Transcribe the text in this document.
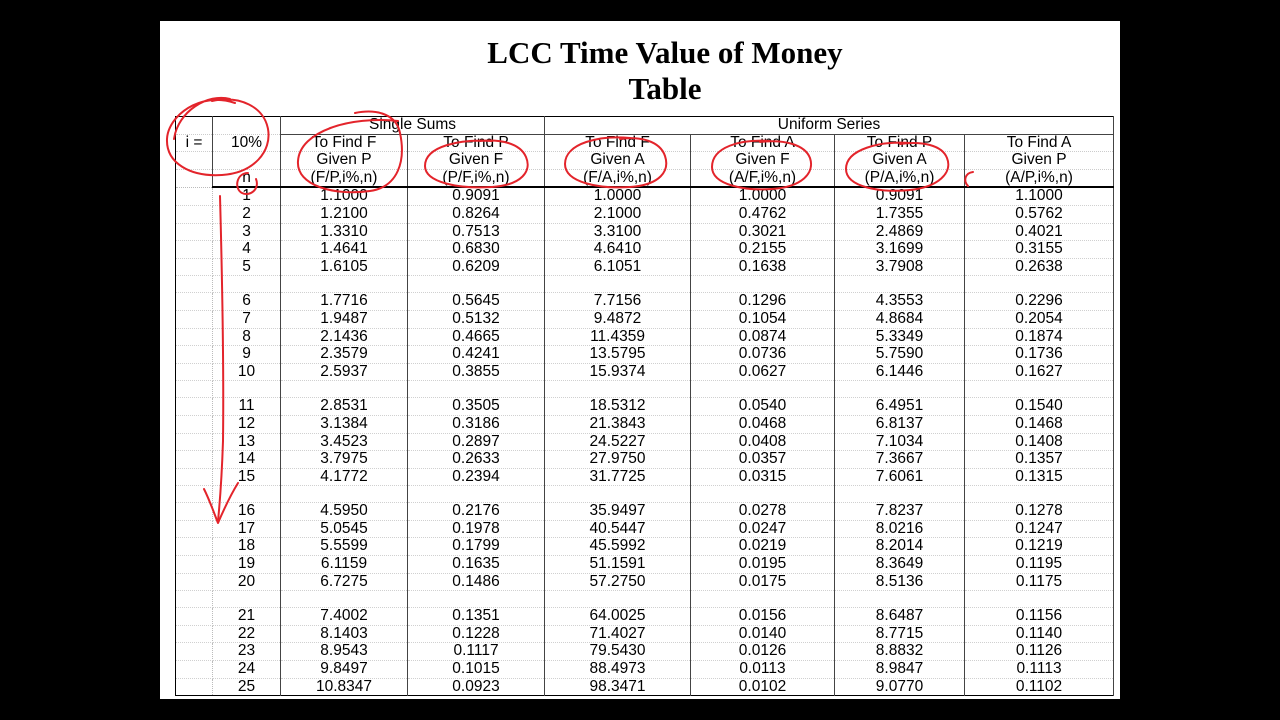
LCC Time Value of Money
Table
		Single Sums		Uniform Series			
i =	10%	To Find F	To Find P	To Find F	To Find A	To Find P	To Find A
		Given P	Given F	Given A	Given F	Given A	Given P
	n	(F/P,i%,n)	(P/F,i%,n)	(F/A,i%,n)	(A/F,i%,n)	(P/A,i%,n)	(A/P,i%,n)
	1	1.1000	0.9091	1.0000	1.0000	0.9091	1.1000
	2	1.2100	0.8264	2.1000	0.4762	1.7355	0.5762
	3	1.3310	0.7513	3.3100	0.3021	2.4869	0.4021
	4	1.4641	0.6830	4.6410	0.2155	3.1699	0.3155
	5	1.6105	0.6209	6.1051	0.1638	3.7908	0.2638

	6	1.7716	0.5645	7.7156	0.1296	4.3553	0.2296
	7	1.9487	0.5132	9.4872	0.1054	4.8684	0.2054
	8	2.1436	0.4665	11.4359	0.0874	5.3349	0.1874
	9	2.3579	0.4241	13.5795	0.0736	5.7590	0.1736
	10	2.5937	0.3855	15.9374	0.0627	6.1446	0.1627

	11	2.8531	0.3505	18.5312	0.0540	6.4951	0.1540
	12	3.1384	0.3186	21.3843	0.0468	6.8137	0.1468
	13	3.4523	0.2897	24.5227	0.0408	7.1034	0.1408
	14	3.7975	0.2633	27.9750	0.0357	7.3667	0.1357
	15	4.1772	0.2394	31.7725	0.0315	7.6061	0.1315

	16	4.5950	0.2176	35.9497	0.0278	7.8237	0.1278
	17	5.0545	0.1978	40.5447	0.0247	8.0216	0.1247
	18	5.5599	0.1799	45.5992	0.0219	8.2014	0.1219
	19	6.1159	0.1635	51.1591	0.0195	8.3649	0.1195
	20	6.7275	0.1486	57.2750	0.0175	8.5136	0.1175

	21	7.4002	0.1351	64.0025	0.0156	8.6487	0.1156
	22	8.1403	0.1228	71.4027	0.0140	8.7715	0.1140
	23	8.9543	0.1117	79.5430	0.0126	8.8832	0.1126
	24	9.8497	0.1015	88.4973	0.0113	8.9847	0.1113
	25	10.8347	0.0923	98.3471	0.0102	9.0770	0.1102
